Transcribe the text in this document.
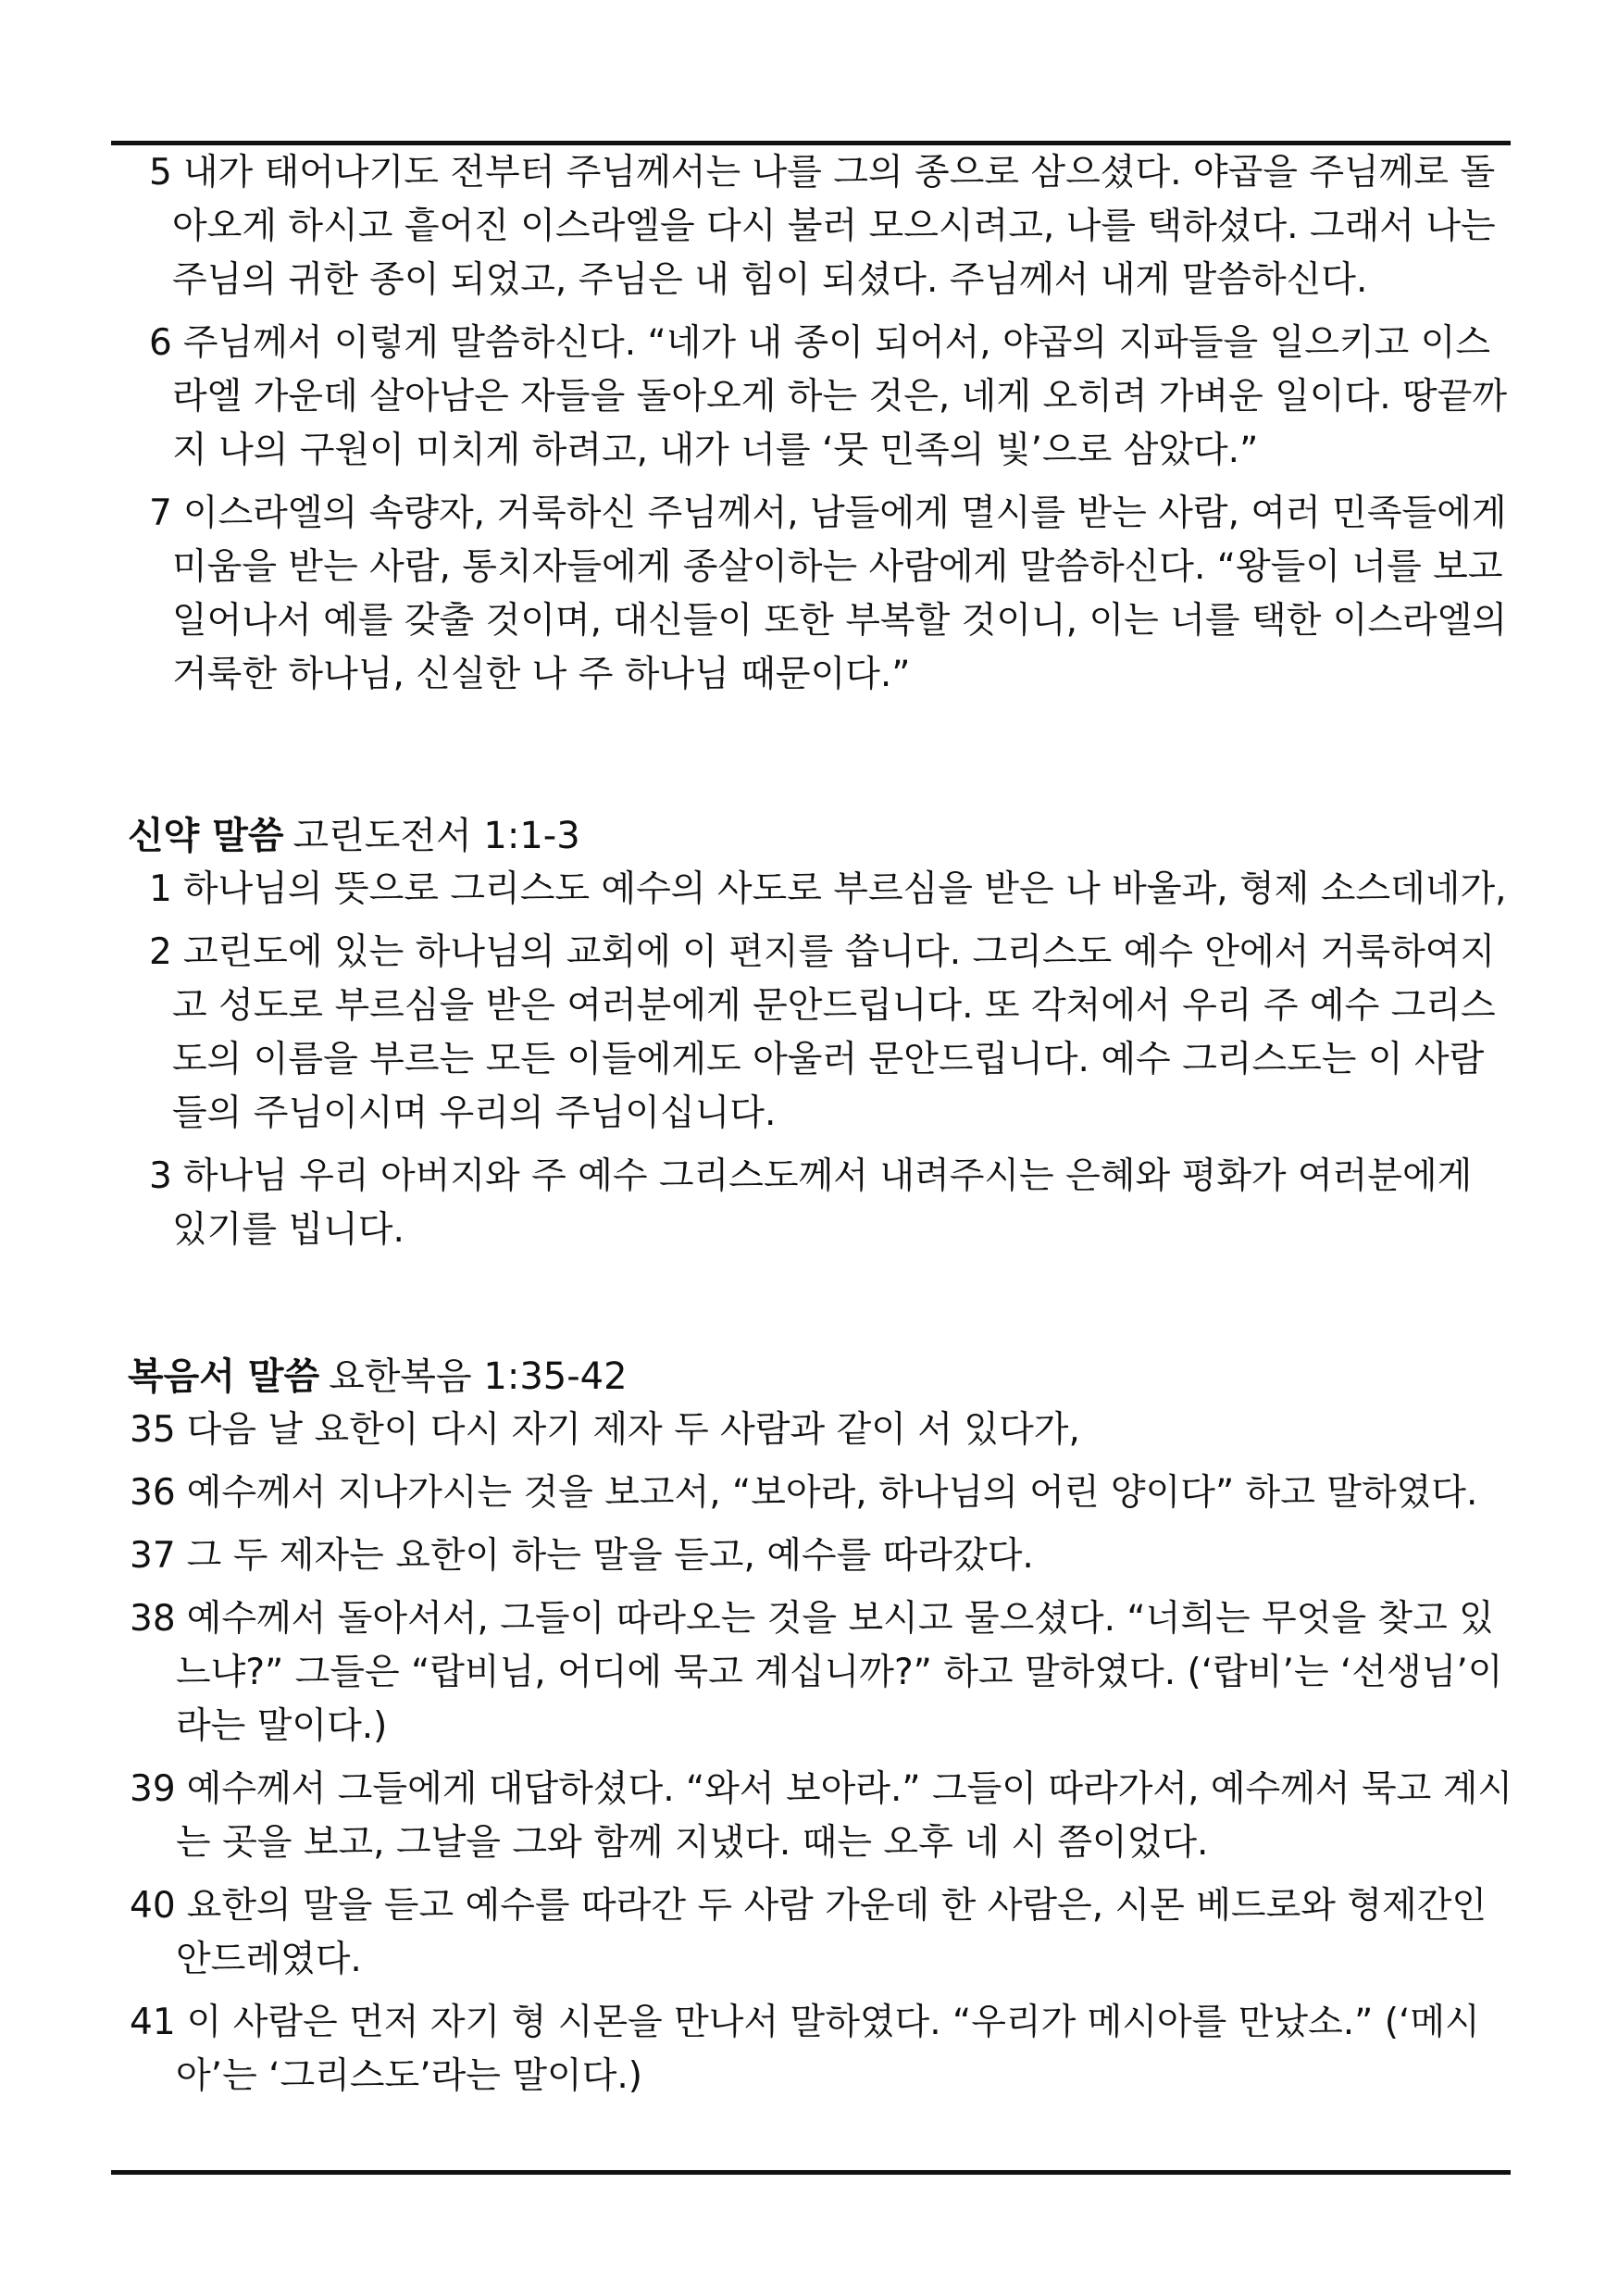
5 내가 태어나기도 전부터 주님께서는 나를 그의 종으로 삼으셨다. 야곱을 주님께로 돌아오게 하시고 흩어진 이스라엘을 다시 불러 모으시려고, 나를 택하셨다. 그래서 나는 주님의 귀한 종이 되었고, 주님은 내 힘이 되셨다. 주님께서 내게 말씀하신다.

6 주님께서 이렇게 말씀하신다. “네가 내 종이 되어서, 야곱의 지파들을 일으키고 이스라엘 가운데 살아남은 자들을 돌아오게 하는 것은, 네게 오히려 가벼운 일이다. 땅끝까지 나의 구원이 미치게 하려고, 내가 너를 ‘뭇 민족의 빛’으로 삼았다.”

7 이스라엘의 속량자, 거룩하신 주님께서, 남들에게 멸시를 받는 사람, 여러 민족들에게 미움을 받는 사람, 통치자들에게 종살이하는 사람에게 말씀하신다. “왕들이 너를 보고 일어나서 예를 갖출 것이며, 대신들이 또한 부복할 것이니, 이는 너를 택한 이스라엘의 거룩한 하나님, 신실한 나 주 하나님 때문이다.”

신약 말씀 고린도전서 1:1-3

1 하나님의 뜻으로 그리스도 예수의 사도로 부르심을 받은 나 바울과, 형제 소스데네가,

2 고린도에 있는 하나님의 교회에 이 편지를 씁니다. 그리스도 예수 안에서 거룩하여지고 성도로 부르심을 받은 여러분에게 문안드립니다. 또 각처에서 우리 주 예수 그리스도의 이름을 부르는 모든 이들에게도 아울러 문안드립니다. 예수 그리스도는 이 사람들의 주님이시며 우리의 주님이십니다.

3 하나님 우리 아버지와 주 예수 그리스도께서 내려주시는 은혜와 평화가 여러분에게 있기를 빕니다.

복음서 말씀 요한복음 1:35-42

35 다음 날 요한이 다시 자기 제자 두 사람과 같이 서 있다가,

36 예수께서 지나가시는 것을 보고서, “보아라, 하나님의 어린 양이다” 하고 말하였다.

37 그 두 제자는 요한이 하는 말을 듣고, 예수를 따라갔다.

38 예수께서 돌아서서, 그들이 따라오는 것을 보시고 물으셨다. “너희는 무엇을 찾고 있느냐?” 그들은 “랍비님, 어디에 묵고 계십니까?” 하고 말하였다. (‘랍비’는 ‘선생님’이라는 말이다.)

39 예수께서 그들에게 대답하셨다. “와서 보아라.” 그들이 따라가서, 예수께서 묵고 계시는 곳을 보고, 그날을 그와 함께 지냈다. 때는 오후 네 시 쯤이었다.

40 요한의 말을 듣고 예수를 따라간 두 사람 가운데 한 사람은, 시몬 베드로와 형제간인 안드레였다.

41 이 사람은 먼저 자기 형 시몬을 만나서 말하였다. “우리가 메시아를 만났소.” (‘메시아’는 ‘그리스도’라는 말이다.)
